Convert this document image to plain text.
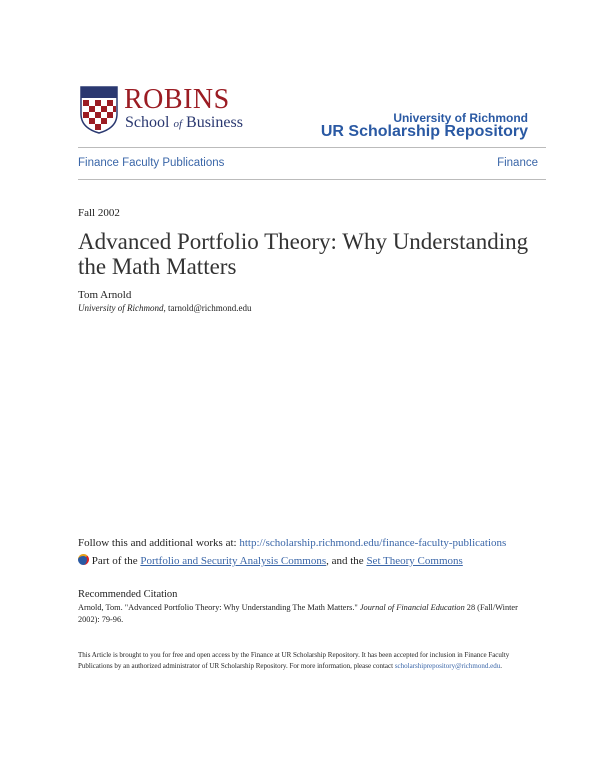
ROBINS
School of Business	University of Richmond
UR Scholarship Repository
Finance Faculty Publications	Finance
Fall 2002
Advanced Portfolio Theory: Why Understanding the Math Matters
Tom Arnold
University of Richmond, tarnold@richmond.edu
Follow this and additional works at: http://scholarship.richmond.edu/finance-faculty-publications
Part of the Portfolio and Security Analysis Commons, and the Set Theory Commons
Recommended Citation
Arnold, Tom. "Advanced Portfolio Theory: Why Understanding The Math Matters." Journal of Financial Education 28 (Fall/Winter 2002): 79-96.
This Article is brought to you for free and open access by the Finance at UR Scholarship Repository. It has been accepted for inclusion in Finance Faculty Publications by an authorized administrator of UR Scholarship Repository. For more information, please contact scholarshiprepository@richmond.edu.
